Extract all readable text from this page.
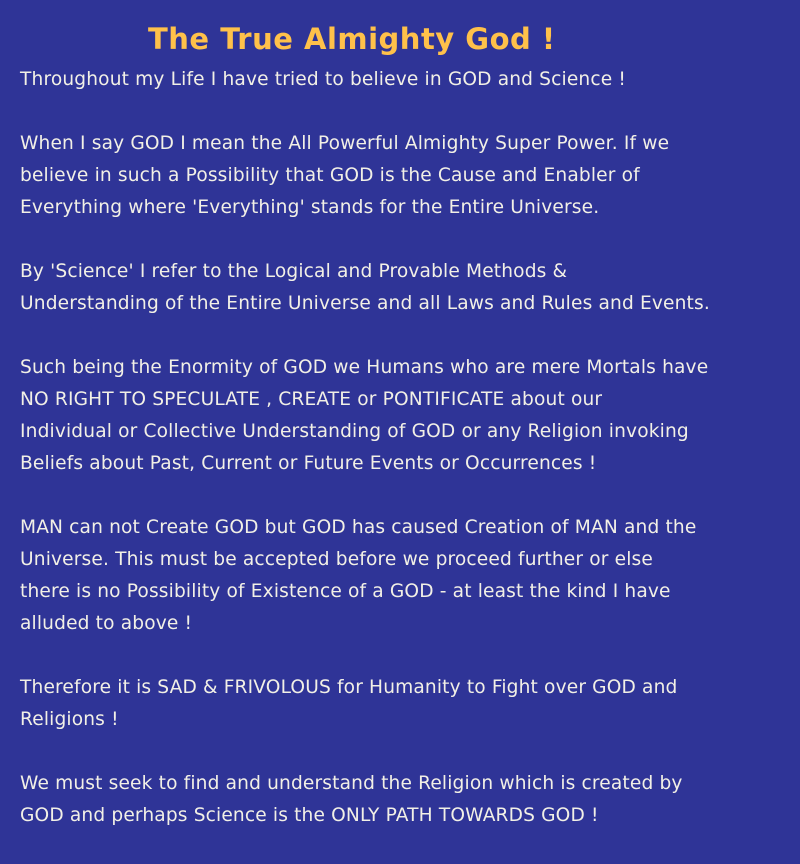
The True Almighty God !

Throughout my Life I have tried to believe in GOD and Science !

When I say GOD I mean the All Powerful Almighty Super Power. If we
believe in such a Possibility that GOD is the Cause and Enabler of
Everything where 'Everything' stands for the Entire Universe.

By 'Science' I refer to the Logical and Provable Methods &
Understanding of the Entire Universe and all Laws and Rules and Events.

Such being the Enormity of GOD we Humans who are mere Mortals have
NO RIGHT TO SPECULATE , CREATE or PONTIFICATE about our
Individual or Collective Understanding of GOD or any Religion invoking
Beliefs about Past, Current or Future Events or Occurrences !

MAN can not Create GOD but GOD has caused Creation of MAN and the
Universe. This must be accepted before we proceed further or else
there is no Possibility of Existence of a GOD - at least the kind I have
alluded to above !

Therefore it is SAD & FRIVOLOUS for Humanity to Fight over GOD and
Religions !

We must seek to find and understand the Religion which is created by
GOD and perhaps Science is the ONLY PATH TOWARDS GOD !
